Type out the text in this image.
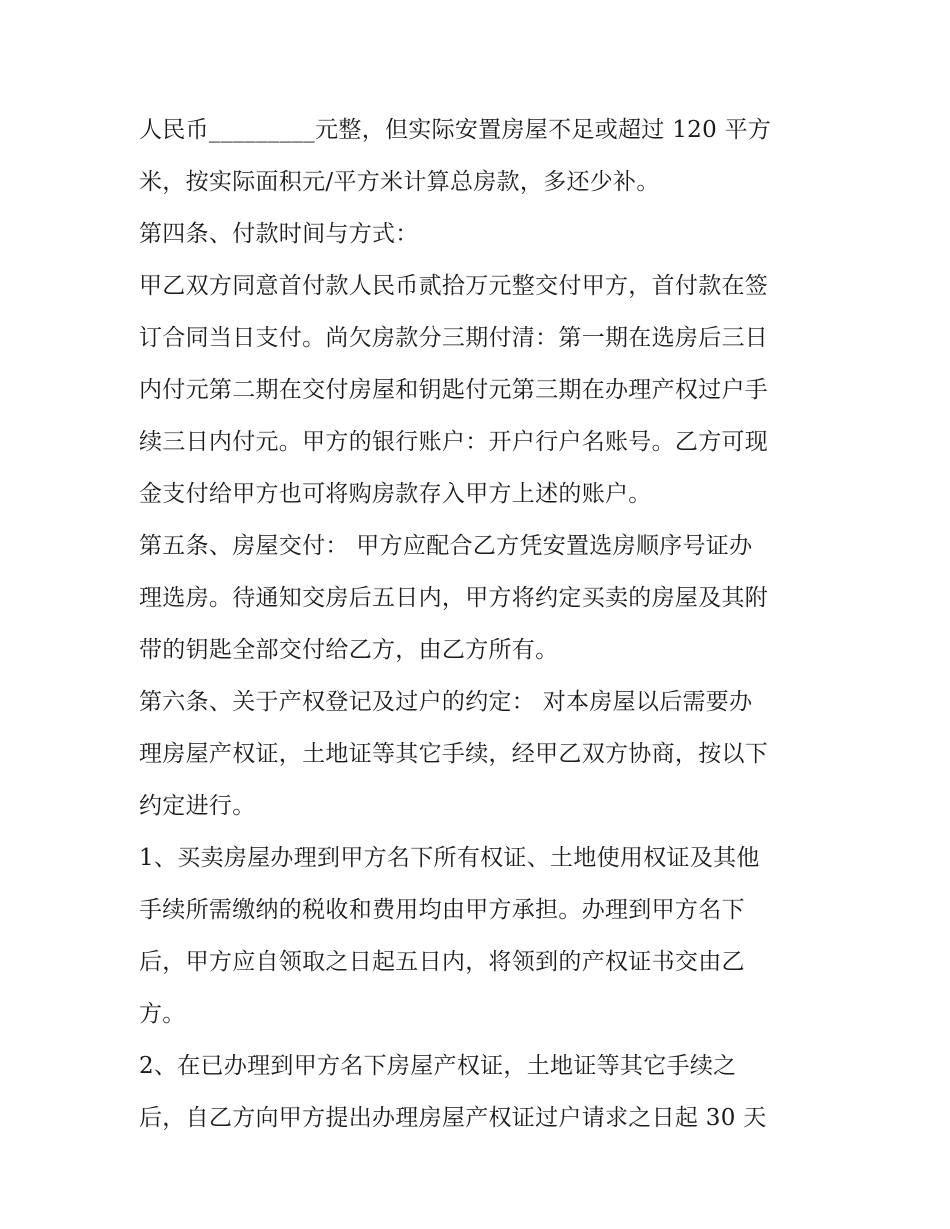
人民币_________元整，但实际安置房屋不足或超过 120 平方
米，按实际面积元/平方米计算总房款，多还少补。
第四条、付款时间与方式：
甲乙双方同意首付款人民币贰拾万元整交付甲方，首付款在签
订合同当日支付。尚欠房款分三期付清：第一期在选房后三日
内付元第二期在交付房屋和钥匙付元第三期在办理产权过户手
续三日内付元。甲方的银行账户：开户行户名账号。乙方可现
金支付给甲方也可将购房款存入甲方上述的账户。
第五条、房屋交付： 甲方应配合乙方凭安置选房顺序号证办
理选房。待通知交房后五日内，甲方将约定买卖的房屋及其附
带的钥匙全部交付给乙方，由乙方所有。
第六条、关于产权登记及过户的约定： 对本房屋以后需要办
理房屋产权证，土地证等其它手续，经甲乙双方协商，按以下
约定进行。
1、买卖房屋办理到甲方名下所有权证、土地使用权证及其他
手续所需缴纳的税收和费用均由甲方承担。办理到甲方名下
后，甲方应自领取之日起五日内，将领到的产权证书交由乙
方。
2、在已办理到甲方名下房屋产权证，土地证等其它手续之
后，自乙方向甲方提出办理房屋产权证过户请求之日起 30 天
